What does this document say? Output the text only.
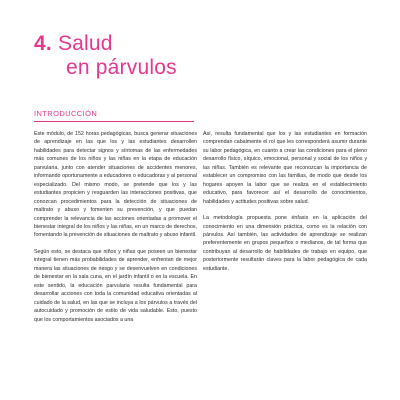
4. Salud
en párvulos
INTRODUCCIÓN

Este módulo, de 152 horas pedagógicas, busca generar situaciones de aprendizaje en las que los y las estudiantes desarrollen habilidades para detectar signos y síntomas de las enfermedades más comunes de los niños y las niñas en la etapa de educación parvularia, junto con atender situaciones de accidentes menores, informando oportunamente a educadores o educadoras y al personal especializado. Del mismo modo, se pretende que los y las estudiantes propicien y resguarden las interacciones positivas, que conozcan procedimientos para la detección de situaciones de maltrato y abuso y fomenten su prevención, y que puedan comprender la relevancia de las acciones orientadas a promover el bienestar integral de los niños y las niñas, en un marco de derechos, fomentando la prevención de situaciones de maltrato y abuso infantil.

Según esto, se destaca que niños y niñas que poseen un bienestar integral tienen más probabilidades de aprender, enfrentan de mejor manera las situaciones de riesgo y se desenvuelven en condiciones de bienestar en la sala cuna, en el jardín infantil o en la escuela. En este sentido, la educación parvularia resulta fundamental para desarrollar acciones con toda la comunidad educativa orientadas al cuidado de la salud, en las que se incluya a los párvulos a través del autocuidado y promoción de estilo de vida saludable. Esto, puesto que los comportamientos asociados a una

Así, resulta fundamental que los y las estudiantes en formación comprendan cabalmente el rol que les corresponderá asumir durante su labor pedagógica, en cuanto a crear las condiciones para el pleno desarrollo físico, síquico, emocional, personal y social de los niños y las niñas. También es relevante que reconozcan la importancia de establecer un compromiso con las familias, de modo que desde los hogares apoyen la labor que se realiza en el establecimiento educativo, para favorecer así el desarrollo de conocimientos, habilidades y actitudes positivas sobre salud.

La metodología propuesta pone énfasis en la aplicación del conocimiento en una dimensión práctica, como es la relación con párvulos. Así también, las actividades de aprendizaje se realizan preferentemente en grupos pequeños o medianos, de tal forma que contribuyan al desarrollo de habilidades de trabajo en equipo, que posteriormente resultarán claves para la labor pedagógica de cada estudiante.
